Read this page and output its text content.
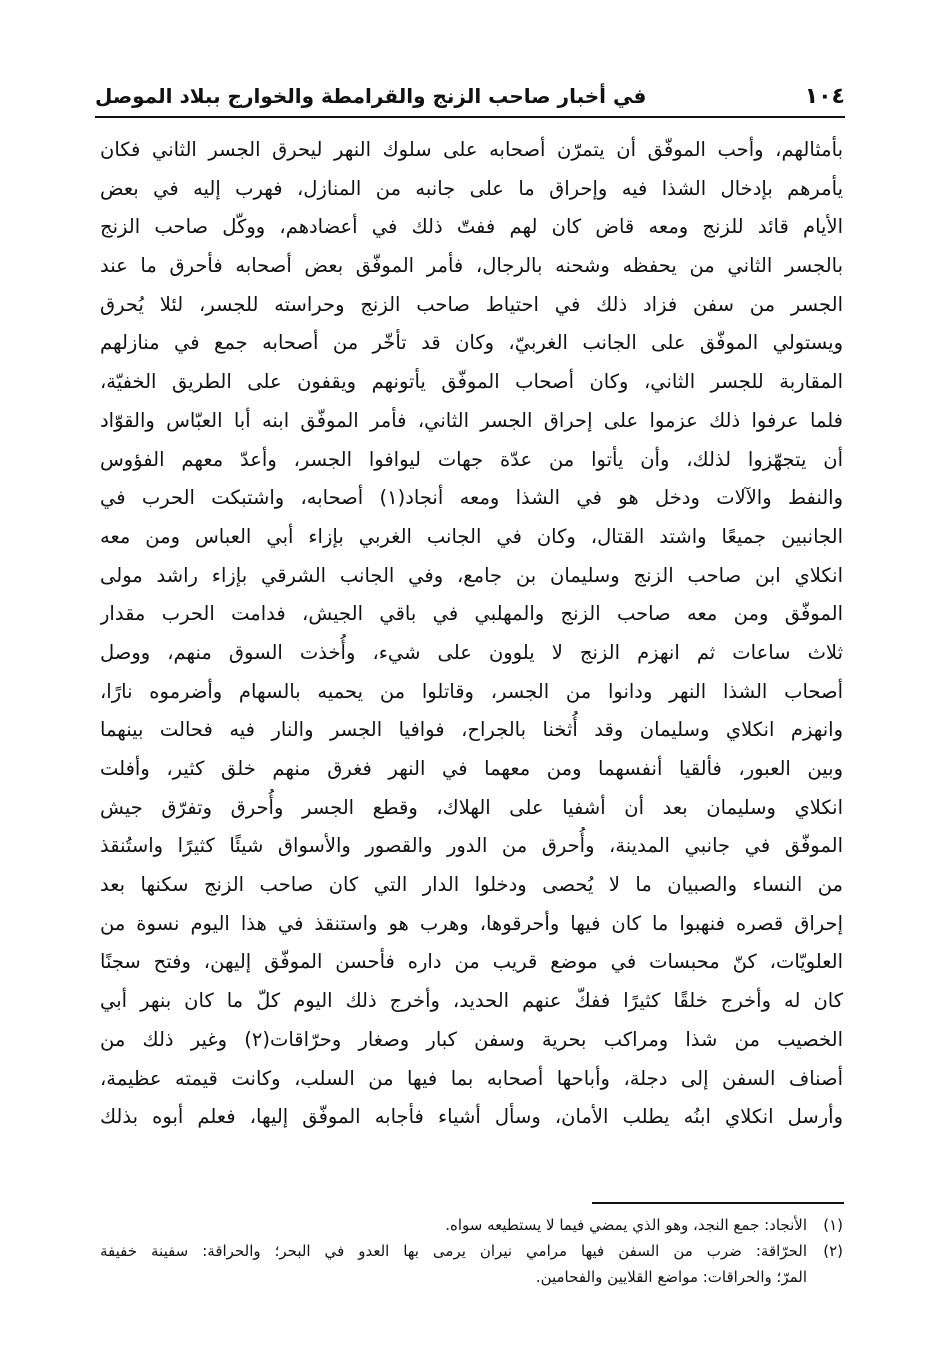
١٠٤
في أخبار صاحب الزنج والقرامطة والخوارج ببلاد الموصل
بأمثالهم، وأحب الموفّق أن يتمرّن أصحابه على سلوك النهر ليحرق الجسر الثاني فكان
يأمرهم بإدخال الشذا فيه وإحراق ما على جانبه من المنازل، فهرب إليه في بعض
الأيام قائد للزنج ومعه قاض كان لهم ففتّ ذلك في أعضادهم، ووكّل صاحب الزنج
بالجسر الثاني من يحفظه وشحنه بالرجال، فأمر الموفّق بعض أصحابه فأحرق ما عند
الجسر من سفن فزاد ذلك في احتياط صاحب الزنج وحراسته للجسر، لئلا يُحرق
ويستولي الموفّق على الجانب الغربيّ، وكان قد تأخّر من أصحابه جمع في منازلهم
المقاربة للجسر الثاني، وكان أصحاب الموفّق يأتونهم ويقفون على الطريق الخفيّة،
فلما عرفوا ذلك عزموا على إحراق الجسر الثاني، فأمر الموفّق ابنه أبا العبّاس والقوّاد
أن يتجهّزوا لذلك، وأن يأتوا من عدّة جهات ليوافوا الجسر، وأعدّ معهم الفؤوس
والنفط والآلات ودخل هو في الشذا ومعه أنجاد(١) أصحابه، واشتبكت الحرب في
الجانبين جميعًا واشتد القتال، وكان في الجانب الغربي بإزاء أبي العباس ومن معه
انكلاي ابن صاحب الزنج وسليمان بن جامع، وفي الجانب الشرقي بإزاء راشد مولى
الموفّق ومن معه صاحب الزنج والمهلبي في باقي الجيش، فدامت الحرب مقدار
ثلاث ساعات ثم انهزم الزنج لا يلوون على شيء، وأُخذت السوق منهم، ووصل
أصحاب الشذا النهر ودانوا من الجسر، وقاتلوا من يحميه بالسهام وأضرموه نارًا،
وانهزم انكلاي وسليمان وقد أُثخنا بالجراح، فوافيا الجسر والنار فيه فحالت بينهما
وبين العبور، فألقيا أنفسهما ومن معهما في النهر فغرق منهم خلق كثير، وأفلت
انكلاي وسليمان بعد أن أشفيا على الهلاك، وقطع الجسر وأُحرق وتفرّق جيش
الموفّق في جانبي المدينة، وأُحرق من الدور والقصور والأسواق شيئًا كثيرًا واستُنقذ
من النساء والصبيان ما لا يُحصى ودخلوا الدار التي كان صاحب الزنج سكنها بعد
إحراق قصره فنهبوا ما كان فيها وأحرقوها، وهرب هو واستنقذ في هذا اليوم نسوة من
العلويّات، كنّ محبسات في موضع قريب من داره فأحسن الموفّق إليهن، وفتح سجنًا
كان له وأخرج خلقًا كثيرًا ففكّ عنهم الحديد، وأخرج ذلك اليوم كلّ ما كان بنهر أبي
الخصيب من شذا ومراكب بحرية وسفن كبار وصغار وحرّاقات(٢) وغير ذلك من
أصناف السفن إلى دجلة، وأباحها أصحابه بما فيها من السلب، وكانت قيمته عظيمة،
وأرسل انكلاي ابنُه يطلب الأمان، وسأل أشياء فأجابه الموفّق إليها، فعلم أبوه بذلك
(١)
الأنجاد: جمع النجد، وهو الذي يمضي فيما لا يستطيعه سواه.
(٢)
الحرّاقة: ضرب من السفن فيها مرامي نيران يرمى بها العدو في البحر؛ والحراقة: سفينة خفيفة
المرّ؛ والحراقات: مواضع القلايين والفحامين.
